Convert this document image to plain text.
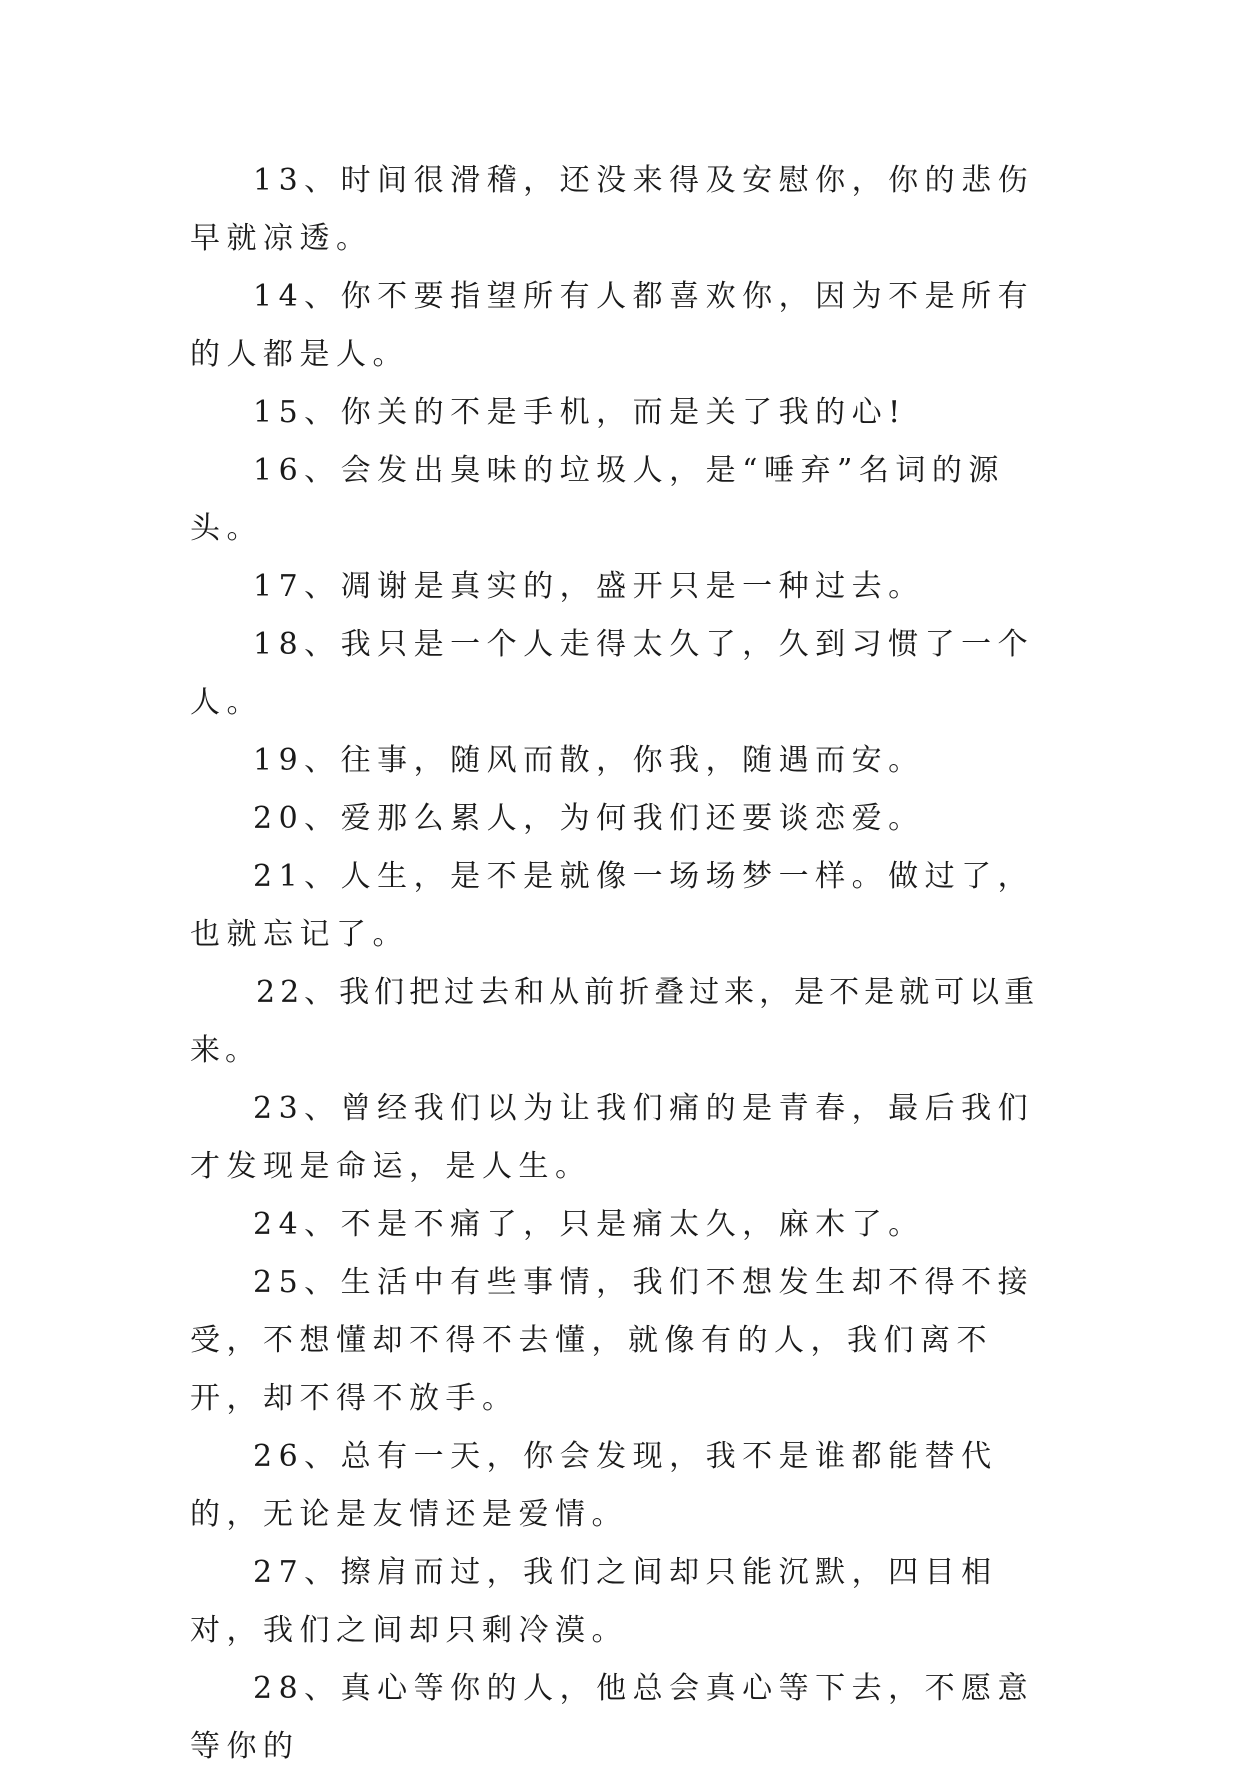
13、时间很滑稽，还没来得及安慰你，你的悲伤早就凉透。

14、你不要指望所有人都喜欢你，因为不是所有的人都是人。

15、你关的不是手机，而是关了我的心!

16、会发出臭味的垃圾人，是“唾弃”名词的源头。

17、凋谢是真实的，盛开只是一种过去。

18、我只是一个人走得太久了，久到习惯了一个人。

19、往事，随风而散，你我，随遇而安。

20、爱那么累人，为何我们还要谈恋爱。

21、人生，是不是就像一场场梦一样。做过了，也就忘记了。

22、我们把过去和从前折叠过来，是不是就可以重来。

23、曾经我们以为让我们痛的是青春，最后我们才发现是命运，是人生。

24、不是不痛了，只是痛太久，麻木了。

25、生活中有些事情，我们不想发生却不得不接受，不想懂却不得不去懂，就像有的人，我们离不开，却不得不放手。

26、总有一天，你会发现，我不是谁都能替代的，无论是友情还是爱情。

27、擦肩而过，我们之间却只能沉默，四目相对，我们之间却只剩冷漠。

28、真心等你的人，他总会真心等下去，不愿意等你的
